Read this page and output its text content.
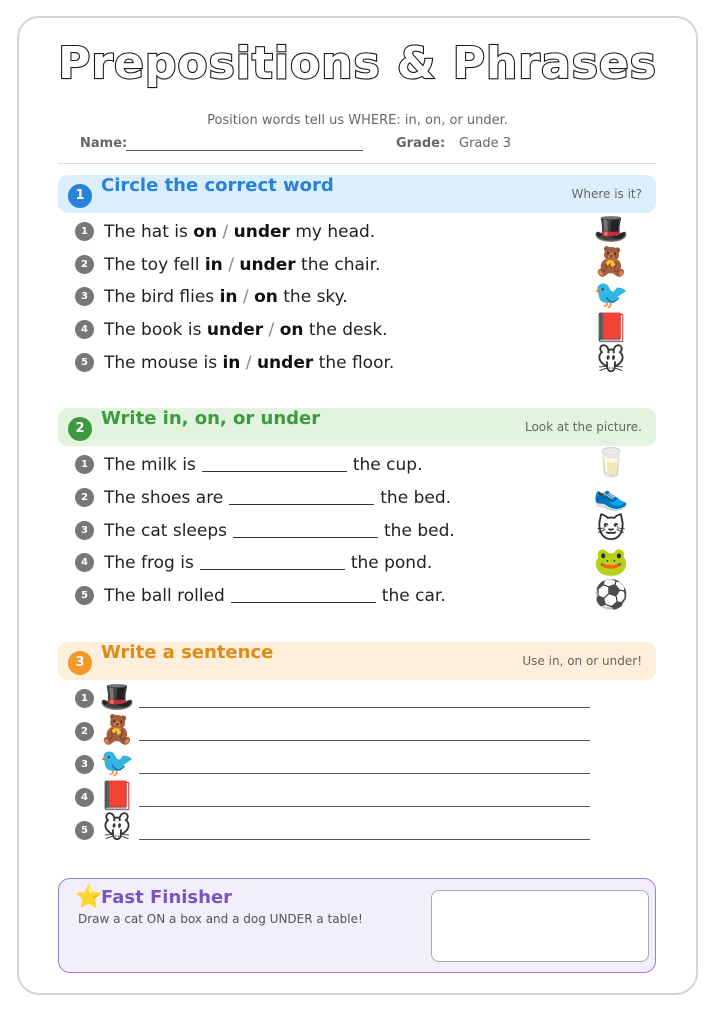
Prepositions & Phrases
Position words tell us WHERE: in, on, or under.
Name:	Grade: Grade 3
1 Circle the correct word	Where is it?
1 The hat is on / under my head.	🎩
2 The toy fell in / under the chair.	🧸
3 The bird flies in / on the sky.	🐦
4 The book is under / on the desk.	📕
5 The mouse is in / under the floor.	🐭
2 Write in, on, or under	Look at the picture.
1 The milk is	the cup.	🥛
2 The shoes are	the bed.	👟
3 The cat sleeps	the bed.	🐱
4 The frog is	the pond.	🐸
5 The ball rolled	the car.	⚽
3 Write a sentence	Use in, on or under!
1 🎩
2 🧸
3 🐦
4 📕
5 🐭
⭐
Fast Finisher
Draw a cat ON a box and a dog UNDER a table!
